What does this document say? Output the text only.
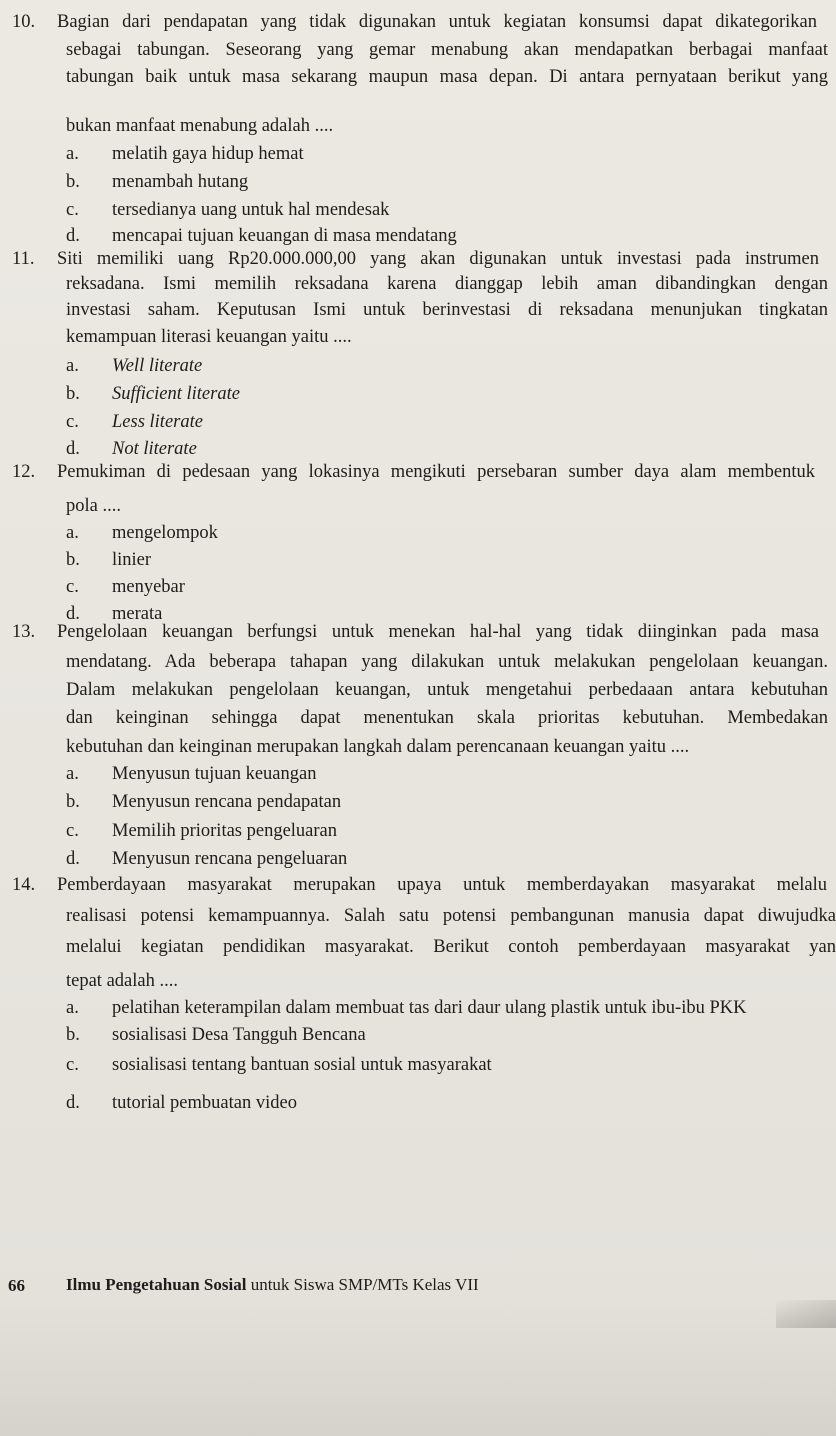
10. Bagian dari pendapatan yang tidak digunakan untuk kegiatan konsumsi dapat dikategorikan
sebagai tabungan. Seseorang yang gemar menabung akan mendapatkan berbagai manfaat
tabungan baik untuk masa sekarang maupun masa depan. Di antara pernyataan berikut yang
bukan manfaat menabung adalah ....
a. melatih gaya hidup hemat
b. menambah hutang
c. tersedianya uang untuk hal mendesak
d. mencapai tujuan keuangan di masa mendatang
11. Siti memiliki uang Rp20.000.000,00 yang akan digunakan untuk investasi pada instrumen
reksadana. Ismi memilih reksadana karena dianggap lebih aman dibandingkan dengan
investasi saham. Keputusan Ismi untuk berinvestasi di reksadana menunjukan tingkatan
kemampuan literasi keuangan yaitu ....
a. Well literate
b. Sufficient literate
c. Less literate
d. Not literate
12. Pemukiman di pedesaan yang lokasinya mengikuti persebaran sumber daya alam membentuk
pola ....
a. mengelompok
b. linier
c. menyebar
d. merata
13. Pengelolaan keuangan berfungsi untuk menekan hal-hal yang tidak diinginkan pada masa
mendatang. Ada beberapa tahapan yang dilakukan untuk melakukan pengelolaan keuangan.
Dalam melakukan pengelolaan keuangan, untuk mengetahui perbedaaan antara kebutuhan
dan keinginan sehingga dapat menentukan skala prioritas kebutuhan. Membedakan
kebutuhan dan keinginan merupakan langkah dalam perencanaan keuangan yaitu ....
a. Menyusun tujuan keuangan
b. Menyusun rencana pendapatan
c. Memilih prioritas pengeluaran
d. Menyusun rencana pengeluaran
14. Pemberdayaan masyarakat merupakan upaya untuk memberdayakan masyarakat melalu
realisasi potensi kemampuannya. Salah satu potensi pembangunan manusia dapat diwujudka
melalui kegiatan pendidikan masyarakat. Berikut contoh pemberdayaan masyarakat yan
tepat adalah ....
a. pelatihan keterampilan dalam membuat tas dari daur ulang plastik untuk ibu-ibu PKK
b. sosialisasi Desa Tangguh Bencana
c. sosialisasi tentang bantuan sosial untuk masyarakat
d. tutorial pembuatan video
66 Ilmu Pengetahuan Sosial untuk Siswa SMP/MTs Kelas VII
